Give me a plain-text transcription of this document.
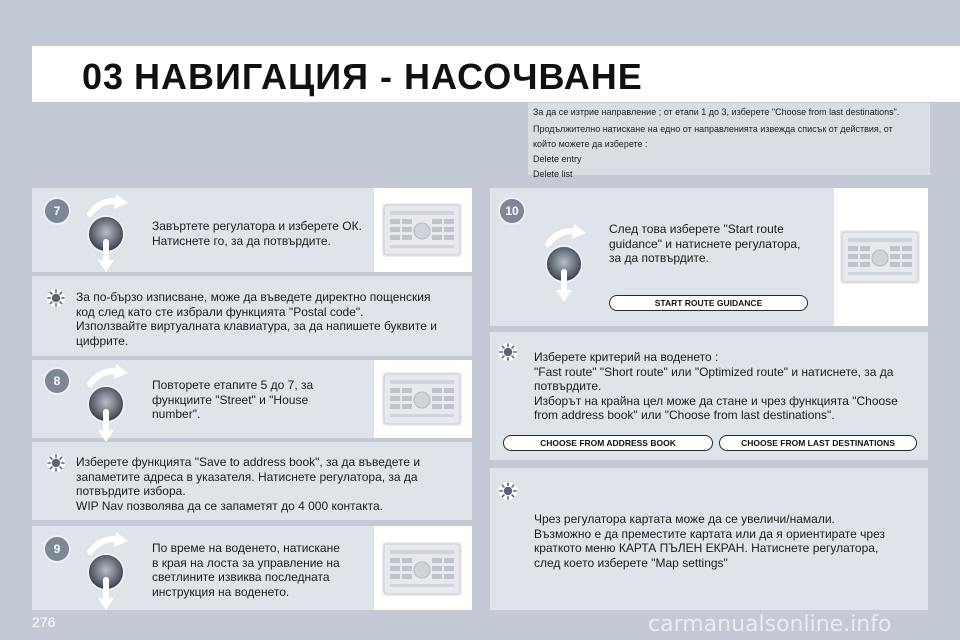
03 НАВИГАЦИЯ - НАСОЧВАНЕ
За да се изтрие направление ; от етапи 1 до 3, изберете "Choose from last destinations".
Продължително натискане на едно от направленията извежда списък от действия, от
който можете да изберете :
Delete entry
Delete list
7
Завъртете регулатора и изберете ОК.
Натиснете го, за да потвърдите.
За по-бързо изписване, може да въведете директно пощенския
код след като сте избрали функцията "Postal code".
Използвайте виртуалната клавиатура, за да напишете буквите и
цифрите.
8	Повторете етапите 5 до 7, за
функциите "Street" и "House
number".
Изберете функцията "Save to address book", за да въведете и
запаметите адреса в указателя. Натиснете регулатора, за да
потвърдите избора.
WIP Nav позволява да се запаметят до 4 000 контакта.
9	По време на воденето, натискане
в края на лоста за управление на
светлините извиква последната
инструкция на воденето.
10
След това изберете "Start route
guidance" и натиснете регулатора,
за да потвърдите.
START ROUTE GUIDANCE
Изберете критерий на воденето :
"Fast route" "Short route" или "Optimized route" и натиснете, за да
потвърдите.
Изборът на крайна цел може да стане и чрез функцията "Choose
from address book" или "Choose from last destinations".
CHOOSE FROM ADDRESS BOOK	CHOOSE FROM LAST DESTINATIONS
Чрез регулатора картата може да се увеличи/намали.
Възможно е да преместите картата или да я ориентирате чрез
краткото меню КАРТА ПЪЛЕН ЕКРАН. Натиснете регулатора,
след което изберете "Map settings"
276	carmanualsonline.info
